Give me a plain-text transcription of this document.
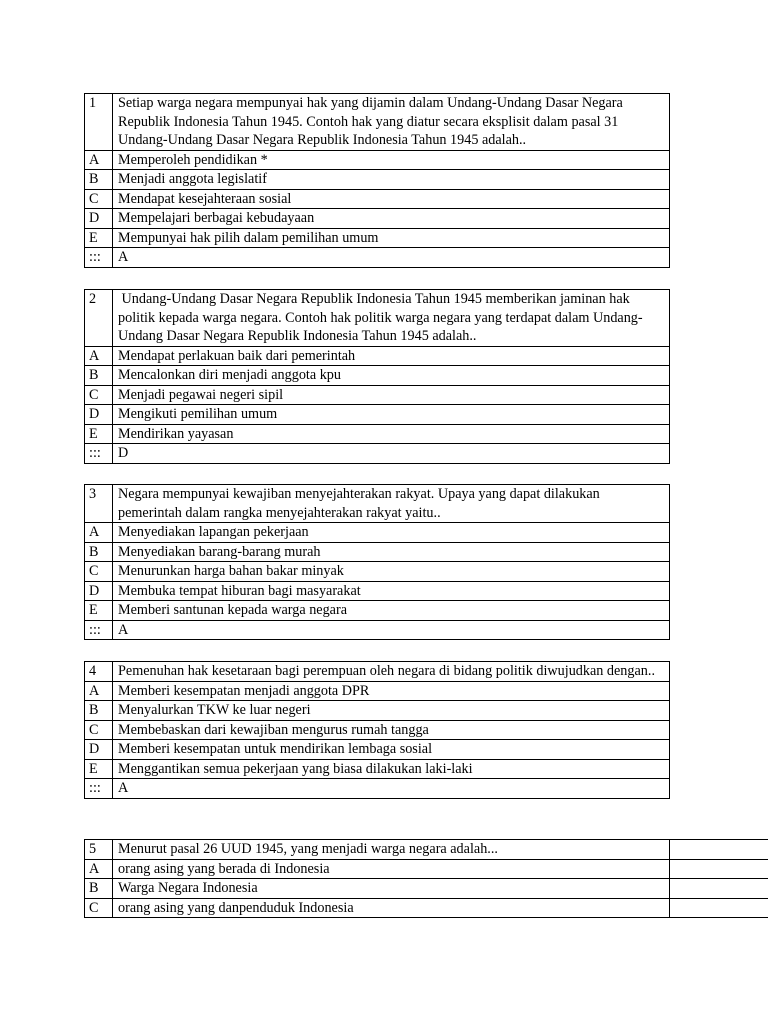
1	Setiap warga negara mempunyai hak yang dijamin dalam Undang-Undang Dasar Negara Republik Indonesia Tahun 1945. Contoh hak yang diatur secara eksplisit dalam pasal 31 Undang-Undang Dasar Negara Republik Indonesia Tahun 1945 adalah..
A	Memperoleh pendidikan *
B	Menjadi anggota legislatif
C	Mendapat kesejahteraan sosial
D	Mempelajari berbagai kebudayaan
E	Mempunyai hak pilih dalam pemilihan umum
:::	A
2	Undang-Undang Dasar Negara Republik Indonesia Tahun 1945 memberikan jaminan hak politik kepada warga negara. Contoh hak politik warga negara yang terdapat dalam Undang-Undang Dasar Negara Republik Indonesia Tahun 1945 adalah..
A	Mendapat perlakuan baik dari pemerintah
B	Mencalonkan diri menjadi anggota kpu
C	Menjadi pegawai negeri sipil
D	Mengikuti pemilihan umum
E	Mendirikan yayasan
:::	D
3	Negara mempunyai kewajiban menyejahterakan rakyat. Upaya yang dapat dilakukan pemerintah dalam rangka menyejahterakan rakyat yaitu..
A	Menyediakan lapangan pekerjaan
B	Menyediakan barang-barang murah
C	Menurunkan harga bahan bakar minyak
D	Membuka tempat hiburan bagi masyarakat
E	Memberi santunan kepada warga negara
:::	A
4	Pemenuhan hak kesetaraan bagi perempuan oleh negara di bidang politik diwujudkan dengan..
A	Memberi kesempatan menjadi anggota DPR
B	Menyalurkan TKW ke luar negeri
C	Membebaskan dari kewajiban mengurus rumah tangga
D	Memberi kesempatan untuk mendirikan lembaga sosial
E	Menggantikan semua pekerjaan yang biasa dilakukan laki-laki
:::	A
5	Menurut pasal 26 UUD 1945, yang menjadi warga negara adalah...
A	orang asing yang berada di Indonesia
B	Warga Negara Indonesia
C	orang asing yang danpenduduk Indonesia
